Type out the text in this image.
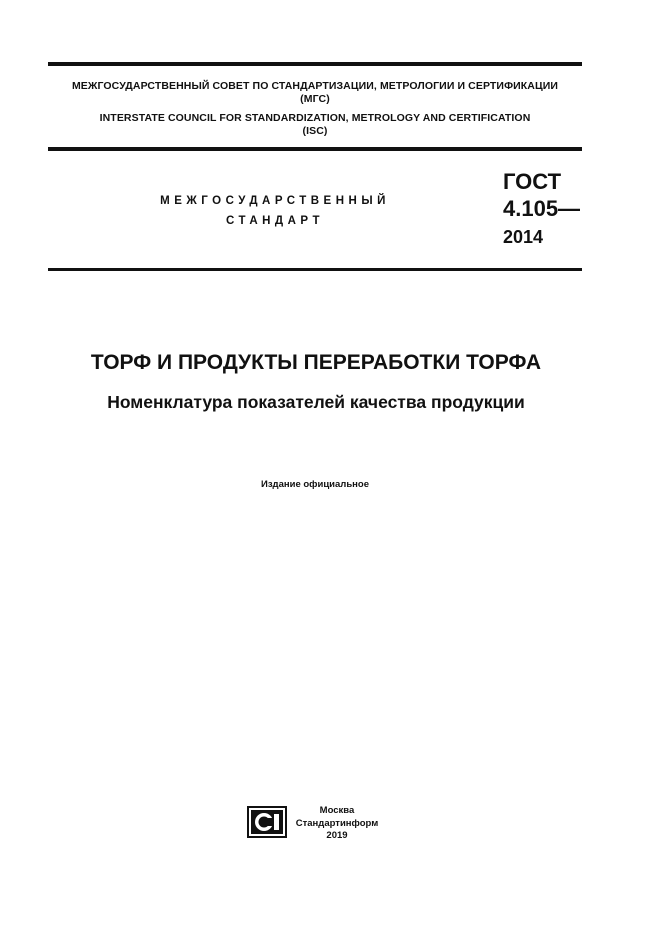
МЕЖГОСУДАРСТВЕННЫЙ СОВЕТ ПО СТАНДАРТИЗАЦИИ, МЕТРОЛОГИИ И СЕРТИФИКАЦИИ
(МГС)
INTERSTATE COUNCIL FOR STANDARDIZATION, METROLOGY AND CERTIFICATION
(ISC)
МЕЖГОСУДАРСТВЕННЫЙ
СТАНДАРТ
ГОСТ
4.105—
2014
ТОРФ И ПРОДУКТЫ ПЕРЕРАБОТКИ ТОРФА
Номенклатура показателей качества продукции
Издание официальное
Москва
Стандартинформ
2019
